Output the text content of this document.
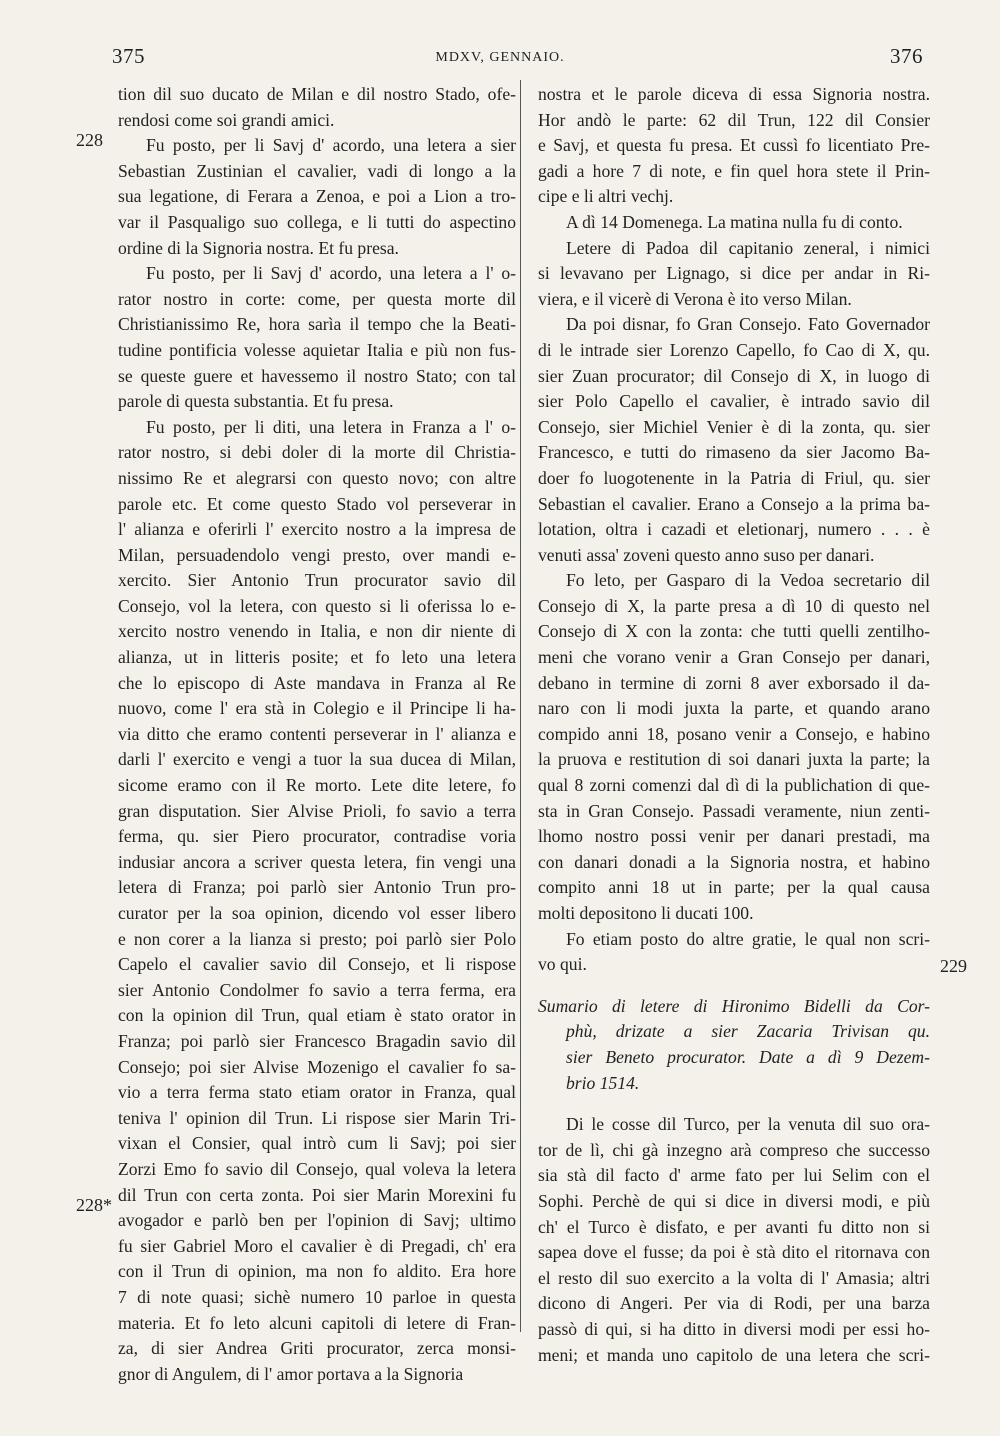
375	MDXV, GENNAIO.	376
228
228*
229
tion dil suo ducato de Milan e dil nostro Stado, ofe-
rendosi come soi grandi amici.
Fu posto, per li Savj d' acordo, una letera a sier
Sebastian Zustinian el cavalier, vadi di longo a la
sua legatione, di Ferara a Zenoa, e poi a Lion a tro-
var il Pasqualigo suo collega, e li tutti do aspectino
ordine di la Signoria nostra. Et fu presa.
Fu posto, per li Savj d' acordo, una letera a l' o-
rator nostro in corte: come, per questa morte dil
Christianissimo Re, hora sarìa il tempo che la Beati-
tudine pontificia volesse aquietar Italia e più non fus-
se queste guere et havessemo il nostro Stato; con tal
parole di questa substantia. Et fu presa.
Fu posto, per li diti, una letera in Franza a l' o-
rator nostro, si debi doler di la morte dil Christia-
nissimo Re et alegrarsi con questo novo; con altre
parole etc. Et come questo Stado vol perseverar in
l' alianza e oferirli l' exercito nostro a la impresa de
Milan, persuadendolo vengi presto, over mandi e-
xercito. Sier Antonio Trun procurator savio dil
Consejo, vol la letera, con questo si li oferissa lo e-
xercito nostro venendo in Italia, e non dir niente di
alianza, ut in litteris posite; et fo leto una letera
che lo episcopo di Aste mandava in Franza al Re
nuovo, come l' era stà in Colegio e il Principe li ha-
via ditto che eramo contenti perseverar in l' alianza e
darli l' exercito e vengi a tuor la sua ducea di Milan,
sicome eramo con il Re morto. Lete dite letere, fo
gran disputation. Sier Alvise Prioli, fo savio a terra
ferma, qu. sier Piero procurator, contradise voria
indusiar ancora a scriver questa letera, fin vengi una
letera di Franza; poi parlò sier Antonio Trun pro-
curator per la soa opinion, dicendo vol esser libero
e non corer a la lianza si presto; poi parlò sier Polo
Capelo el cavalier savio dil Consejo, et li rispose
sier Antonio Condolmer fo savio a terra ferma, era
con la opinion dil Trun, qual etiam è stato orator in
Franza; poi parlò sier Francesco Bragadin savio dil
Consejo; poi sier Alvise Mozenigo el cavalier fo sa-
vio a terra ferma stato etiam orator in Franza, qual
teniva l' opinion dil Trun. Li rispose sier Marin Tri-
vixan el Consier, qual intrò cum li Savj; poi sier
Zorzi Emo fo savio dil Consejo, qual voleva la letera
dil Trun con certa zonta. Poi sier Marin Morexini fu
avogador e parlò ben per l'opinion di Savj; ultimo
fu sier Gabriel Moro el cavalier è di Pregadi, ch' era
con il Trun di opinion, ma non fo aldito. Era hore
7 di note quasi; sichè numero 10 parloe in questa
materia. Et fo leto alcuni capitoli di letere di Fran-
za, di sier Andrea Griti procurator, zerca monsi-
gnor di Angulem, di l' amor portava a la Signoria
nostra et le parole diceva di essa Signoria nostra.
Hor andò le parte: 62 dil Trun, 122 dil Consier
e Savj, et questa fu presa. Et cussì fo licentiato Pre-
gadi a hore 7 di note, e fin quel hora stete il Prin-
cipe e li altri vechj.
A dì 14 Domenega. La matina nulla fu di conto.
Letere di Padoa dil capitanio zeneral, i nimici
si levavano per Lignago, si dice per andar in Ri-
viera, e il vicerè di Verona è ito verso Milan.
Da poi disnar, fo Gran Consejo. Fato Governador
di le intrade sier Lorenzo Capello, fo Cao di X, qu.
sier Zuan procurator; dil Consejo di X, in luogo di
sier Polo Capello el cavalier, è intrado savio dil
Consejo, sier Michiel Venier è di la zonta, qu. sier
Francesco, e tutti do rimaseno da sier Jacomo Ba-
doer fo luogotenente in la Patria di Friul, qu. sier
Sebastian el cavalier. Erano a Consejo a la prima ba-
lotation, oltra i cazadi et eletionarj, numero . . . è
venuti assa' zoveni questo anno suso per danari.
Fo leto, per Gasparo di la Vedoa secretario dil
Consejo di X, la parte presa a dì 10 di questo nel
Consejo di X con la zonta: che tutti quelli zentilho-
meni che vorano venir a Gran Consejo per danari,
debano in termine di zorni 8 aver exborsado il da-
naro con li modi juxta la parte, et quando arano
compido anni 18, posano venir a Consejo, e habino
la pruova e restitution di soi danari juxta la parte; la
qual 8 zorni comenzi dal dì di la publichation di que-
sta in Gran Consejo. Passadi veramente, niun zenti-
lhomo nostro possi venir per danari prestadi, ma
con danari donadi a la Signoria nostra, et habino
compito anni 18 ut in parte; per la qual causa
molti depositono li ducati 100.
Fo etiam posto do altre gratie, le qual non scri-
vo qui.
Sumario di letere di Hironimo Bidelli da Cor-
phù, drizate a sier Zacaria Trivisan qu.
sier Beneto procurator. Date a dì 9 Dezem-
brio 1514.
Di le cosse dil Turco, per la venuta dil suo ora-
tor de lì, chi gà inzegno arà compreso che successo
sia stà dil facto d' arme fato per lui Selim con el
Sophi. Perchè de qui si dice in diversi modi, e più
ch' el Turco è disfato, e per avanti fu ditto non si
sapea dove el fusse; da poi è stà dito el ritornava con
el resto dil suo exercito a la volta di l' Amasia; altri
dicono di Angeri. Per via di Rodi, per una barza
passò di qui, si ha ditto in diversi modi per essi ho-
meni; et manda uno capitolo de una letera che scri-
